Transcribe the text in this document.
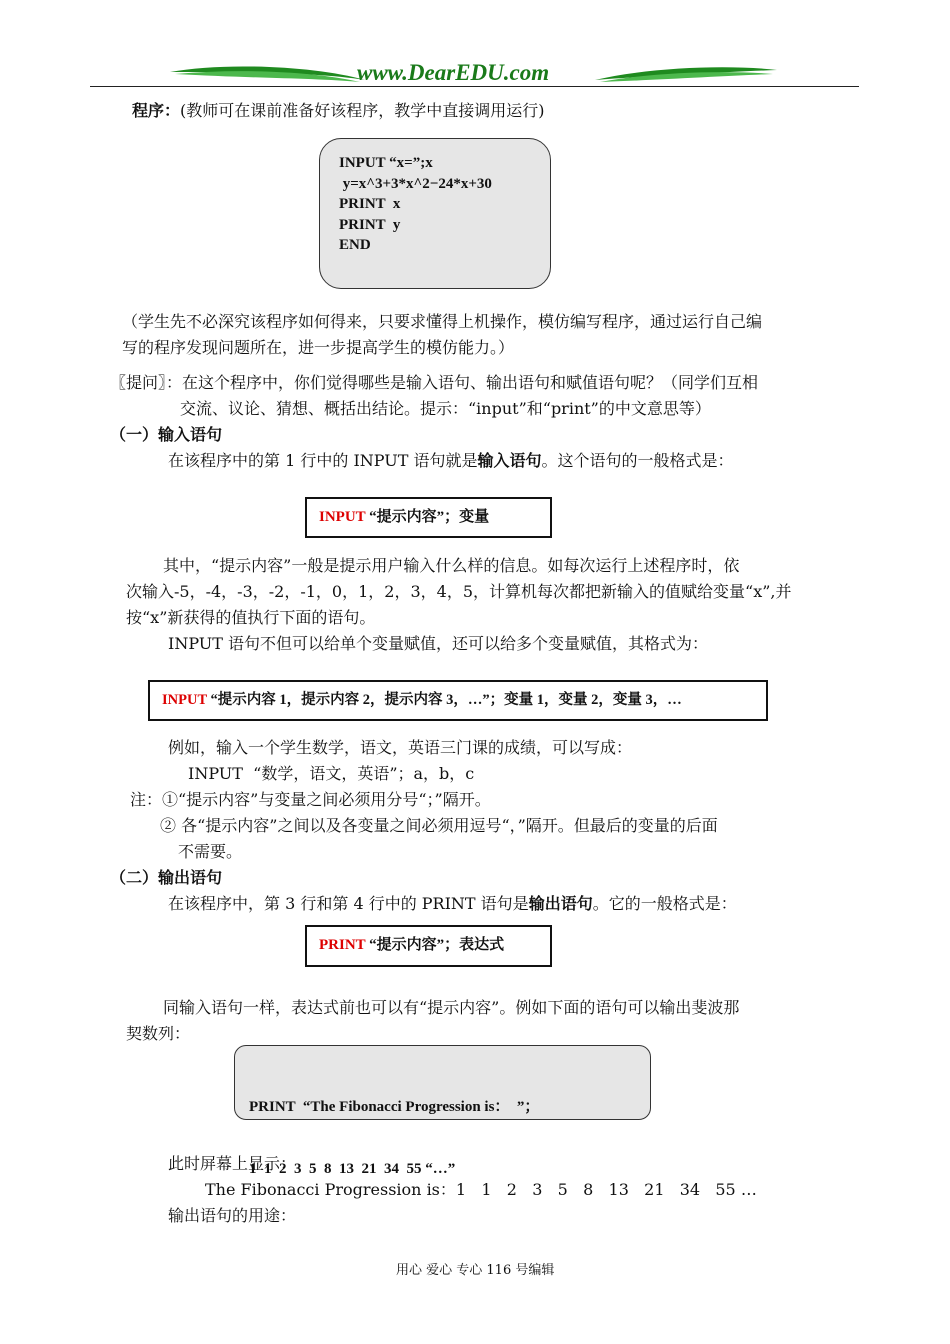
www.DearEDU.com
程序：(教师可在课前准备好该程序，教学中直接调用运行)
INPUT “x=”;x
y=x^3+3*x^2−24*x+30
PRINT  x
PRINT  y
END
（学生先不必深究该程序如何得来，只要求懂得上机操作，模仿编写程序，通过运行自己编
写的程序发现问题所在，进一步提高学生的模仿能力。）
〖提问〗：在这个程序中，你们觉得哪些是输入语句、输出语句和赋值语句呢？（同学们互相
交流、议论、猜想、概括出结论。提示：“input”和“print”的中文意思等）
（一）输入语句
在该程序中的第 1 行中的 INPUT 语句就是输入语句。这个语句的一般格式是：
INPUT “提示内容”；变量
其中，“提示内容”一般是提示用户输入什么样的信息。如每次运行上述程序时，依
次输入-5，-4，-3，-2，-1，0，1，2，3，4，5，计算机每次都把新输入的值赋给变量“x”,并
按“x”新获得的值执行下面的语句。
INPUT 语句不但可以给单个变量赋值，还可以给多个变量赋值，其格式为：
INPUT “提示内容 1，提示内容 2，提示内容 3，…”；变量 1，变量 2，变量 3，…
例如，输入一个学生数学，语文，英语三门课的成绩，可以写成：
INPUT  “数学，语文，英语”；a，b，c
注：①“提示内容”与变量之间必须用分号“；”隔开。
② 各“提示内容”之间以及各变量之间必须用逗号“，”隔开。但最后的变量的后面
不需要。
（二）输出语句
在该程序中，第 3 行和第 4 行中的 PRINT 语句是输出语句。它的一般格式是：
PRINT “提示内容”；表达式
同输入语句一样，表达式前也可以有“提示内容”。例如下面的语句可以输出斐波那
契数列：

PRINT  “The Fibonacci Progression is：  ”；

1  1  2  3  5  8  13  21  34  55 “…”

此时屏幕上显示：
The Fibonacci Progression is：1   1   2   3   5   8   13   21   34   55 …
输出语句的用途：
用心 爱心 专心 116 号编辑
